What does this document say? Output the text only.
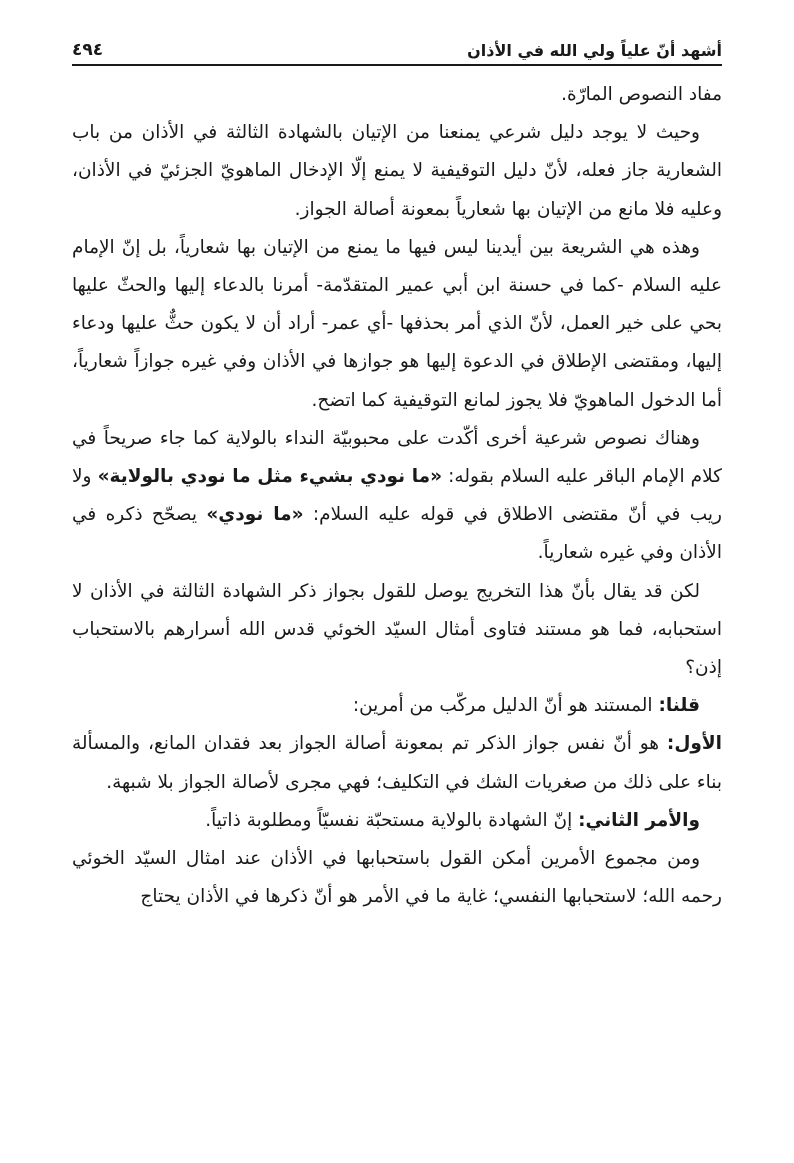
أشهد أنّ علياً ولي الله في الأذان
٤٩٤

مفاد النصوص المارّة.

وحيث لا يوجد دليل شرعي يمنعنا من الإتيان بالشهادة الثالثة في الأذان من باب الشعارية جاز فعله، لأنّ دليل التوقيفية لا يمنع إلّا الإدخال الماهويّ الجزئيّ في الأذان، وعليه فلا مانع من الإتيان بها شعارياً بمعونة أصالة الجواز.

وهذه هي الشريعة بين أيدينا ليس فيها ما يمنع من الإتيان بها شعارياً، بل إنّ الإمام عليه السلام -كما في حسنة ابن أبي عمير المتقدّمة- أمرنا بالدعاء إليها والحثّ عليها بحي على خير العمل، لأنّ الذي أمر بحذفها -أي عمر- أراد أن لا يكون حثٌّ عليها ودعاء إليها، ومقتضى الإطلاق في الدعوة إليها هو جوازها في الأذان وفي غيره جوازاً شعارياً، أما الدخول الماهويّ فلا يجوز لمانع التوقيفية كما اتضح.

وهناك نصوص شرعية أخرى أكّدت على محبوبيّة النداء بالولاية كما جاء صريحاً في كلام الإمام الباقر عليه السلام بقوله: «ما نودي بشيء مثل ما نودي بالولاية» ولا ريب في أنّ مقتضى الاطلاق في قوله عليه السلام: «ما نودي» يصحّح ذكره في الأذان وفي غيره شعارياً.

لكن قد يقال بأنّ هذا التخريج يوصل للقول بجواز ذكر الشهادة الثالثة في الأذان لا استحبابه، فما هو مستند فتاوى أمثال السيّد الخوئي قدس الله أسرارهم بالاستحباب إذن؟

قلنا: المستند هو أنّ الدليل مركّب من أمرين:

الأول: هو أنّ نفس جواز الذكر تم بمعونة أصالة الجواز بعد فقدان المانع، والمسألة بناء على ذلك من صغريات الشك في التكليف؛ فهي مجرى لأصالة الجواز بلا شبهة.

والأمر الثاني: إنّ الشهادة بالولاية مستحبّة نفسيّاً ومطلوبة ذاتياً.

ومن مجموع الأمرين أمكن القول باستحبابها في الأذان عند امثال السيّد الخوئي رحمه الله؛ لاستحبابها النفسي؛ غاية ما في الأمر هو أنّ ذكرها في الأذان يحتاج
